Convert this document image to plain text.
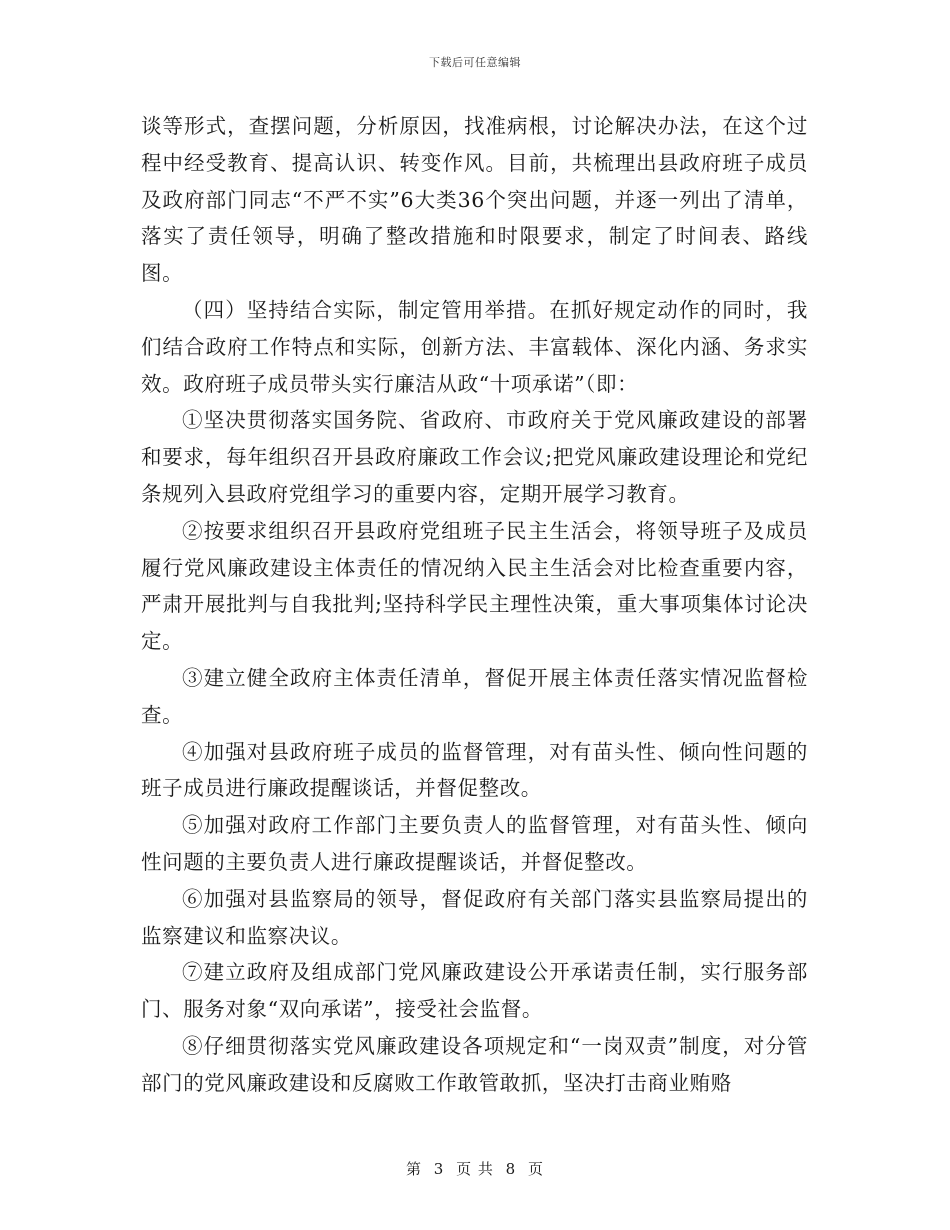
下载后可任意编辑

谈等形式，查摆问题，分析原因，找准病根，讨论解决办法，在这个过程中经受教育、提高认识、转变作风。目前，共梳理出县政府班子成员及政府部门同志“不严不实”6大类36个突出问题，并逐一列出了清单，落实了责任领导，明确了整改措施和时限要求，制定了时间表、路线图。

（四）坚持结合实际，制定管用举措。在抓好规定动作的同时，我们结合政府工作特点和实际，创新方法、丰富载体、深化内涵、务求实效。政府班子成员带头实行廉洁从政“十项承诺”（即：

①坚决贯彻落实国务院、省政府、市政府关于党风廉政建设的部署和要求，每年组织召开县政府廉政工作会议;把党风廉政建设理论和党纪条规列入县政府党组学习的重要内容，定期开展学习教育。

②按要求组织召开县政府党组班子民主生活会，将领导班子及成员履行党风廉政建设主体责任的情况纳入民主生活会对比检查重要内容，严肃开展批判与自我批判;坚持科学民主理性决策，重大事项集体讨论决定。

③建立健全政府主体责任清单，督促开展主体责任落实情况监督检查。

④加强对县政府班子成员的监督管理，对有苗头性、倾向性问题的班子成员进行廉政提醒谈话，并督促整改。

⑤加强对政府工作部门主要负责人的监督管理，对有苗头性、倾向性问题的主要负责人进行廉政提醒谈话，并督促整改。

⑥加强对县监察局的领导，督促政府有关部门落实县监察局提出的监察建议和监察决议。

⑦建立政府及组成部门党风廉政建设公开承诺责任制，实行服务部门、服务对象“双向承诺”，接受社会监督。

⑧仔细贯彻落实党风廉政建设各项规定和“一岗双责”制度，对分管部门的党风廉政建设和反腐败工作敢管敢抓，坚决打击商业贿赂

第 3 页 共 8 页
